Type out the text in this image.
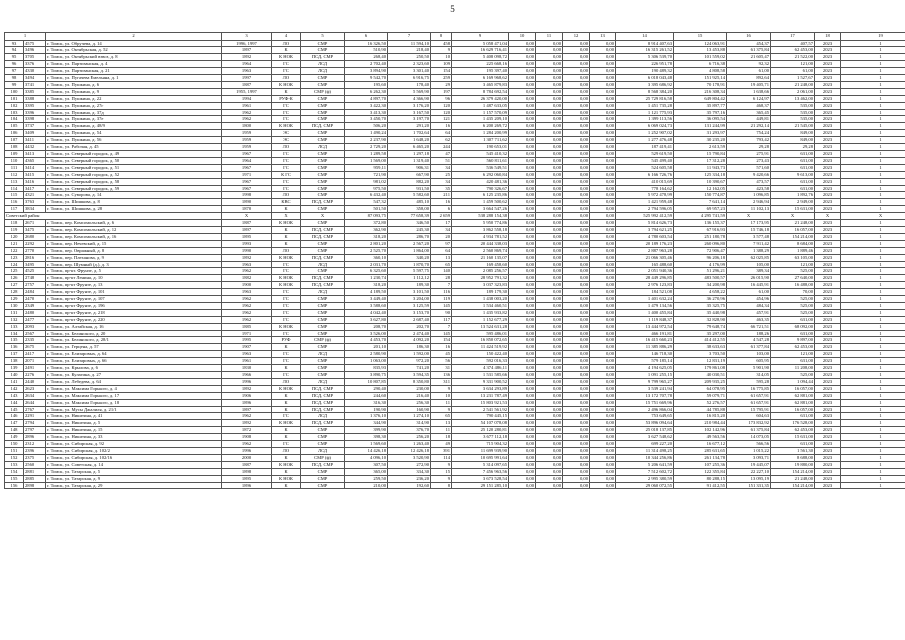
5
1		2	3	4	5	6	7	8	9	10	11	12	13	14	15	16	17	18	19
93	4575	г. Томск, ул. Обручева, д. 14	1996, 1997	ЛО	СМР	16 326,50	11 594,10	458	5 058 471,04	0,00	0,00	0,00	0,00	8 914 407,63	124 063,91	454,37	407,57	2023	1
94	3496	г. Томск, ул. Октябрьская, д. 52	1897	К	СМР	510,90	218,40	9	16 629 716,41	0,00	0,00	0,00	0,00	16 315 261,52	13 453,88	61 375,84	62 453,00	2023	1
95	3705	г. Томск, ул. Октябрьский взвоз, д. 8	1892	К НОК	ПСД, СМР	268,40	250,50	10	5 408 098,72	0,00	0,00	0,00	0,00	5 306 539,70	101 559,02	21 605,47	21 522,00	2023	1
96	3376	г. Томск, ул. Партизанская, д. 4	1964	ГС	ЛСД	2 702,40	2 323,60	109	225 668,16	0,00	0,00	0,00	0,00	226 951,78	6 716,38	92,32	121,00	2023	1
97	4330	г. Томск, ул. Партизанская, д. 21	1963	ГС	ЛСД	3 894,90	3 301,40	154	195 397,40	0,00	0,00	0,00	0,00	190 489,32	4 808,58	61,00	61,00	2023	1
98	3494	г. Томск, ул. Пугачева Емельяна, д. 1	1997	ЛО	СМР	9 542,70	6 916,75	259	6 169 968,62	0,00	0,00	0,00	0,00	6 018 043,48	151 925,14	892,64	1 527,67	2023	1
99	3741	г. Томск, ул. Пушкина, д. 6	1887	К НОК	СМР	195,60	178,40	29	3 465 879,83	0,00	0,00	0,00	0,00	3 395 686,92	70 178,91	19 405,71	21 248,00	2023	1
100	3385	г. Томск, ул. Пушкина, д. 9	1955, 1997	К	СМР (ф)	6 262,30	5 569,90	197	8 784 692,54	0,00	0,00	0,00	0,00	8 568 384,20	216 308,34	1 638,66	2 061,00	2023	1
101	3388	г. Томск, ул. Пушкина, д. 22	1994	РУФ-К	СМР	4 897,70	4 366,90	96	26 379 420,00	0,00	0,00	0,00	0,00	25 729 816,58	649 804,42	6 124,97	13 462,00	2023	1
102	3395	г. Томск, ул. Пушкина, д. 27г	1961	ГС	СМР	3 422,30	3 176,20	120	1 487 633,05	0,00	0,00	0,00	0,00	1 451 735,28	35 897,77	468,37	535,00	2023	1
103	3396	г. Томск, ул. Пушкина, д. 37д	1962	ГС	СМР	3 413,30	3 167,50	120	1 157 570,09	0,00	0,00	0,00	0,00	1 121 775,93	35 797,16	365,45	535,00	2023	1
104	3398	г. Томск, ул. Пушкина, д. 37е	1962	ГС	СМР	3 450,70	3 197,70	121	1 435 209,10	0,00	0,00	0,00	0,00	1 399 113,56	36 095,54	449,81	535,00	2023	1
105	3737	г. Томск, ул. Пушкина, д. 48/9	1800	К НОК	ПСД, СМР	506,20	291,20	16	6 200 269,72	0,00	0,00	0,00	0,00	6 069 024,73	131 244,99	21 292,14	21 545,00	2023	1
106	3409	г. Томск, ул. Пушкина, д. 54	1959	ЭС	СМР	1 490,24	1 702,64	64	1 284 200,99	0,00	0,00	0,00	0,00	1 252 907,02	31 293,97	754,24	849,00	2023	1
107	3411	г. Томск, ул. Пушкина, д. 56	1959	ЭС	СМР	2 237,90	1 648,20	62	1 307 711,62	0,00	0,00	0,00	0,00	1 277 476,48	30 235,20	793,42	849,00	2023	1
108	4432	г. Томск, ул. Рабочая, д. 45	1959	ЛО	ЛСД	2 729,20	6 465,20	244	190 653,01	0,00	0,00	0,00	0,00	187 419,41	2 613,59	29,28	29,28	2023	1
109	3413	г. Томск, ул. Северный городок, д. 49	1967	ГС	СМР	1 289,58	1 297,18	47	545 410,32	0,00	0,00	0,00	0,00	529 619,50	15 790,84	275,91	631,00	2023	1
110	4365	г. Томск, ул. Северный городок, д. 50	1964	ГС	СМР	1 569,00	1 319,40	51	560 811,61	0,00	0,00	0,00	0,00	545 499,40	17 312,28	273,43	631,00	2023	1
111	3414	г. Томск, ул. Северный городок, д. 51	1967	ГС	СМР	959,11	906,31	34	536 549,51	0,00	0,00	0,00	0,00	524 605,58	11 943,73	571,60	631,00	2023	1
112	3415	г. Томск, ул. Северный городок, д. 52	1971	К ГС	СМР	721,90	667,90	25	6 292 060,84	0,00	0,00	0,00	0,00	6 166 726,76	125 334,18	9 420,66	9 613,00	2023	1
113	3416	г. Томск, ул. Северный городок, д. 58	1967	ГС	СМР	981,02	882,20	34	420 481,36	0,00	0,00	0,00	0,00	410 015,69	10 390,67	473,57	631,00	2023	1
114	3417	г. Томск, ул. Северный городок, д. 59	1967	ГС	СМР	975,50	931,50	35	790 326,67	0,00	0,00	0,00	0,00	778 164,62	12 162,05	423,58	631,00	2023	1
115	4321	г. Томск, ул. Суворова, д. 14	1998	ЛО	СМР	6 432,40	5 582,60	211	6 125 235,86	0,00	0,00	0,00	0,00	5 972 478,99	150 774,87	1 096,85	1 892,76	2023	1
116	3763	г. Томск, ул. Шишкова, д. 8	1890	КВС	ПСД, СМР	547,32	485,10	16	1 459 500,62	0,00	0,00	0,00	0,00	1 421 959,48	7 641,14	2 946,94	2 949,00	2023	1
117	3834	г. Томск, ул. Шишкова, д. 28	1870	К	СМР	501,50	358,00	6	3 664 547,26	0,00	0,00	0,00	0,00	2 794 596,05	69 957,23	11 102,13	15 631,00	2023	1
Советский район			X	X	X	87 093,75	77 658,39	2 659	538 288 154,38	0,00	0,00	0,00	0,00	525 992 412,59	4 295 741,59	X	X	X	X
118	2671	г. Томск, пер. Комсомольский, д. 6	1887	К НОК	СМР	372,80	346,50	17	5 950 774,86	0,00	0,00	0,00	0,00	5 814 626,73	136 155,37	17 173,95	21 248,00	2023	1
119	3475	г. Томск, пер. Комсомольский, д. 12	1897	К	ПСД, СМР	362,90	245,30	34	3 862 558,18	0,00	0,00	0,00	0,00	3 794 621,25	67 916,93	15 746,18	16 057,00	2023	1
120	2680	г. Томск, пер. Комсомольский, д. 16	1895	К	ПСД, СМР	318,20	286,70	20	4 934 781,52	0,00	0,00	0,00	0,00	4 780 603,54	251 180,78	3 577,48	154 214,00	2023	1
121	2292	г. Томск, пер. Нечевский, д. 15	1993	К	СМР	2 801,20	2 567,20	97	20 444 338,03	0,00	0,00	0,00	0,00	20 189 176,23	260 096,80	7 911,42	8 684,00	2023	1
122	2770	г. Томск, пер. Овражный, д. 8	1990	ЛО	СМР	2 525,70	1 864,00	64	2 560 869,74	0,00	0,00	0,00	0,00	2 887 963,28	72 906,47	1 388,29	1 889,46	2023	1
123	2816	г. Томск, пер. Плеханова, д. 9	1892	К НОК	ПСД, СМР	360,10	340,20	13	21 160 135,07	0,00	0,00	0,00	0,00	21 066 305,46	96 206,18	62 025,85	63 105,00	2023	1
124	3495	г. Томск, пер. Шумный (д.), д. 3	1963	ГС	ЛСД	2 031,70	1 870,70	65	169 458,60	0,00	0,00	0,00	0,00	165 488,60	4 176,99	105,00	121,00	2023	1
125	4525	г. Томск, пр-кт. Фрунзе, д. 5	1962	ГС	СМР	6 325,60	5 597,75	140	2 085 256,57	0,00	0,00	0,00	0,00	2 051 940,36	51 296,21	389,34	525,00	2023	1
126	2748	г. Томск, пр-кт Ленина, д. 10	1882	К НОК	ПСД, СМР	1 230,74	1 112,12	28	28 952 791,32	0,00	0,00	0,00	0,00	28 449 296,85	483 500,57	26 015,90	27 640,00	2023	1
127	2757	г. Томск, пр-кт Фрунзе, д. 13	1900	К НОК	ПСД, СМР	318,20	189,30	7	3 037 323,83	0,00	0,00	0,00	0,00	2 976 123,83	34 200,98	16 445,91	16 488,00	2023	1
128	2484	г. Томск, пр-кт Фрунзе, д. 101	1963	ГС	ЛСД	4 189,50	3 101,50	116	189 179,30	0,00	0,00	0,00	0,00	184 521,08	4 658,22	61,00	70,00	2023	1
129	2470	г. Томск, пр-кт Фрунзе, д. 107	1962	ГС	СМР	3 449,40	3 204,00	119	1 438 003,20	0,00	0,00	0,00	0,00	1 401 632,24	36 270,96	454,96	525,00	2023	1
130	2349	г. Томск, пр-кт Фрунзе, д. 196	1962	ГС	СМР	3 588,60	3 125,59	145	1 534 460,51	0,00	0,00	0,00	0,00	1 479 134,56	35 325,75	484,34	525,00	2023	1
131	2480	г. Томск, пр-кт Фрунзе, д. 218	1962	ГС	СМР	4 042,40	3 153,70	90	1 435 933,82	0,00	0,00	0,00	0,00	1 400 455,84	35 440,98	457,91	525,00	2023	1
132	2477	г. Томск, пр-кт Фрунзе, д. 220	1962	ГС	СМР	3 627,80	2 687,40	117	1 152 677,29	0,00	0,00	0,00	0,00	1 119 848,37	32 828,90	463,35	631,00	2023	1
133	2093	г. Томск, ул. Алтайская, д. 16	1885	К НОК	СМР	208,70	202,70	7	13 524 631,28	0,00	0,00	0,00	0,00	13 444 972,54	79 648,74	66 721,51	68 092,00	2023	1
134	2567	г. Томск, ул. Белинского, д. 20	1971	ГС	СМР	3 526,00	2 474,40	145	595 486,01	0,00	0,00	0,00	0,00	466 191,81	35 297,00	188,26	631,00	2023	1
135	2335	г. Томск, ул. Белинского, д. 28/1	1995	РУФ	СМР (ф)	4 453,70	4 092,20	154	16 850 072,65	0,00	0,00	0,00	0,00	16 415 660,23	414 412,55	4 547,28	9 897,00	2023	1
136	2675	г. Томск, ул. Герцена, д. 57	1907	К	СМР	201,10	186,30	16	11 424 519,92	0,00	0,00	0,00	0,00	11 385 886,29	38 633,63	61 377,84	62 453,00	2023	1
137	2417	г. Томск, ул. Елизаровых, д. 64	1963	ГС	ЛСД	2 580,90	1 592,00	45	150 422,40	0,00	0,00	0,00	0,00	146 718,30	3 703,50	103,00	121,00	2023	1
138	2071	г. Томск, ул. Елизаровых, д. 66	1961	ГС	СМР	1 063,00	972,20	56	592 016,33	0,00	0,00	0,00	0,00	579 185,14	12 831,19	605,95	631,00	2023	1
139	2491	г. Томск, ул. Крылова, д. 6	1830	К	СМР	835,93	741,20	31	4 374 486,11	0,00	0,00	0,00	0,00	4 194 625,05	179 861,08	5 901,90	11 208,00	2023	1
140	2276	г. Томск, ул. Кулагина, д. 27	1966	ГС	СМР	3 890,75	3 594,35	136	1 531 585,66	0,00	0,00	0,00	0,00	1 091 255,15	40 030,51	314,05	525,00	2023	1
141	2440	г. Томск, ул. Лебедева, д. 64	1996	ЛО	ЛСД	10 807,85	8 350,80	311	9 331 900,52	0,00	0,00	0,00	0,00	9 799 965,27	209 935,25	595,28	1 094,44	2023	1
142	2623	г. Томск, ул. Максима Горького, д. 4	1892	К НОК	ПСД, СМР	290,40	230,00	9	3 634 293,89	0,00	0,00	0,00	0,00	3 539 241,94	64 078,95	16 775,85	16 057,00	2023	1
143	2634	г. Томск, ул. Максима Горького, д. 17	1906	К	ПСД, СМР	244,60	216,40	10	13 231 787,49	0,00	0,00	0,00	0,00	13 172 707,78	59 079,71	61 657,91	62 881,00	2023	1
144	2644	г. Томск, ул. Максима Горького, д. 18	1896	К	ПСД, СМР	316,30	256,30	11	15 803 921,53	0,00	0,00	0,00	0,00	15 751 669,96	52 276,57	61 657,91	62 881,00	2023	1
145	2767	г. Томск, ул. Мусы Джалиля, д. 21/1	1897	К	ПСД, СМР	190,90	160,90	9	2 541 561,92	0,00	0,00	0,00	0,00	2 496 866,04	44 785,88	15 795,91	16 057,00	2023	1
146	2291	г. Томск, ул. Никитина, д. 41	1962	ГС	ЛСД	1 376,10	1 274,10	65	790 445,15	0,00	0,00	0,00	0,00	753 649,65	16 815,20	604,63	631,00	2023	1
147	2794	г. Томск, ул. Никитина, д. 5	1892	К НОК	ПСД, СМР	344,90	314,90	13	54 107 078,08	0,00	0,00	0,00	0,00	53 896 094,64	210 984,44	173 832,92	176 528,00	2023	1
148	2797	г. Томск, ул. Никитина, д. 15	1872	К	СМР	399,90	376,70	11	25 120 280,81	0,00	0,00	0,00	0,00	25 018 137,85	102 142,96	61 375,84	62 453,00	2023	1
149	2896	г. Томск, ул. Никитина, д. 33	1908	К	СМР	398,30	256,20	18	3 677 112,18	0,00	0,00	0,00	0,00	3 627 548,62	49 563,56	14 073,05	15 631,00	2023	1
150	2312	г. Томск, ул. Сибирская, д. 92	1962	ГС	СМР	1 569,60	1 263,40	49	715 904,32	0,00	0,00	0,00	0,00	699 227,20	16 677,12	566,56	631,00	2023	1
151	2396	г. Томск, ул. Сибирская, д. 102/2	1996	ЛО	ЛСД	14 426,18	12 426,18	391	11 699 939,90	0,00	0,00	0,00	0,00	11 314 498,25	285 631,65	1 015,22	1 561,30	2023	1
152	2375	г. Томск, ул. Сибирская, д. 102/16	2000	К	СМР (ф)	4 096,10	3 520,90	114	10 695 991,64	0,00	0,00	0,00	0,00	10 344 256,86	261 134,78	3 093,71	8 688,00	2023	1
153	2560	г. Томск, ул. Советская, д. 14	1887	К НОК	ПСД, СМР	307,50	272,90	9	5 314 097,65	0,00	0,00	0,00	0,00	5 206 641,59	107 255,36	19 445,07	19 880,00	2023	1
154	2881	г. Томск, ул. Татарская, д. 5	1898	К	СМР	365,00	334,30	15	7 456 963,56	0,00	0,00	0,00	0,00	7 512 602,72	122 355,84	22 227,10	154 214,00	2023	1
155	2885	г. Томск, ул. Татарская, д. 9	1895	К НОК	СМР	259,50	236,20	9	3 673 528,54	0,00	0,00	0,00	0,00	2 995 380,59	80 288,15	13 095,19	21 248,00	2023	1
156	2898	г. Томск, ул. Татарская, д. 29	1896	К	СМР	210,00	192,60	8	29 151 285,10	0,00	0,00	0,00	0,00	29 060 072,55	91 412,55	151 331,35	154 214,00	2023	1
